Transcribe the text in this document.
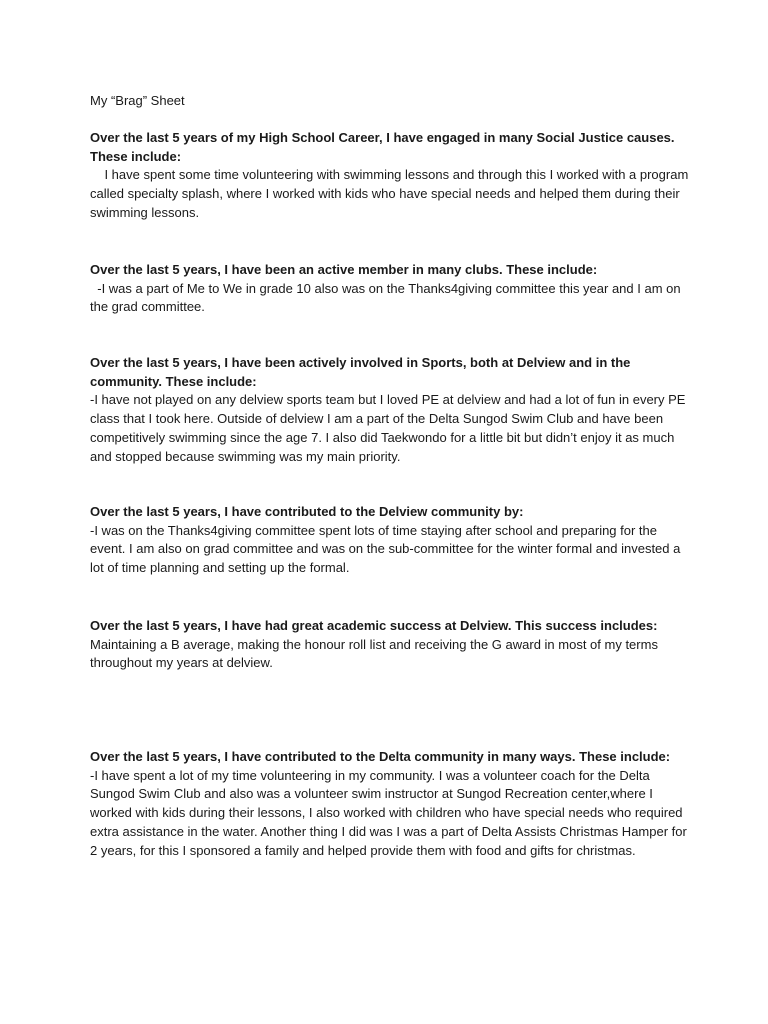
My “Brag” Sheet

Over the last 5 years of my High School Career, I have engaged in many Social Justice causes. These include:

I have spent some time volunteering with swimming lessons and through this I worked with a program called specialty splash, where I worked with kids who have special needs and helped them during their swimming lessons.

Over the last 5 years, I have been an active member in many clubs. These include:

-I was a part of Me to We in grade 10 also was on the Thanks4giving committee this year and I am on the grad committee.

Over the last 5 years, I have been actively involved in Sports, both at Delview and in the community. These include:

-I have not played on any delview sports team but I loved PE at delview and had a lot of fun in every PE class that I took here. Outside of delview I am a part of the Delta Sungod Swim Club and have been competitively swimming since the age 7. I also did Taekwondo for a little bit but didn’t enjoy it as much and stopped because swimming was my main priority.

Over the last 5 years, I have contributed to the Delview community by:

-I was on the Thanks4giving committee spent lots of time staying after school and preparing for the event. I am also on grad committee and was on the sub-committee for the winter formal and invested a lot of time planning and setting up the formal.

Over the last 5 years, I have had great academic success at Delview. This success includes:

Maintaining a B average, making the honour roll list and receiving the G award in most of my terms throughout my years at delview.

Over the last 5 years, I have contributed to the Delta community in many ways. These include:

-I have spent a lot of my time volunteering in my community. I was a volunteer coach for the Delta Sungod Swim Club and also was a volunteer swim instructor at Sungod Recreation center,where I worked with kids during their lessons, I also worked with children who have special needs who required extra assistance in the water. Another thing I did was I was a part of Delta Assists Christmas Hamper for 2 years, for this I sponsored a family and helped provide them with food and gifts for christmas.
